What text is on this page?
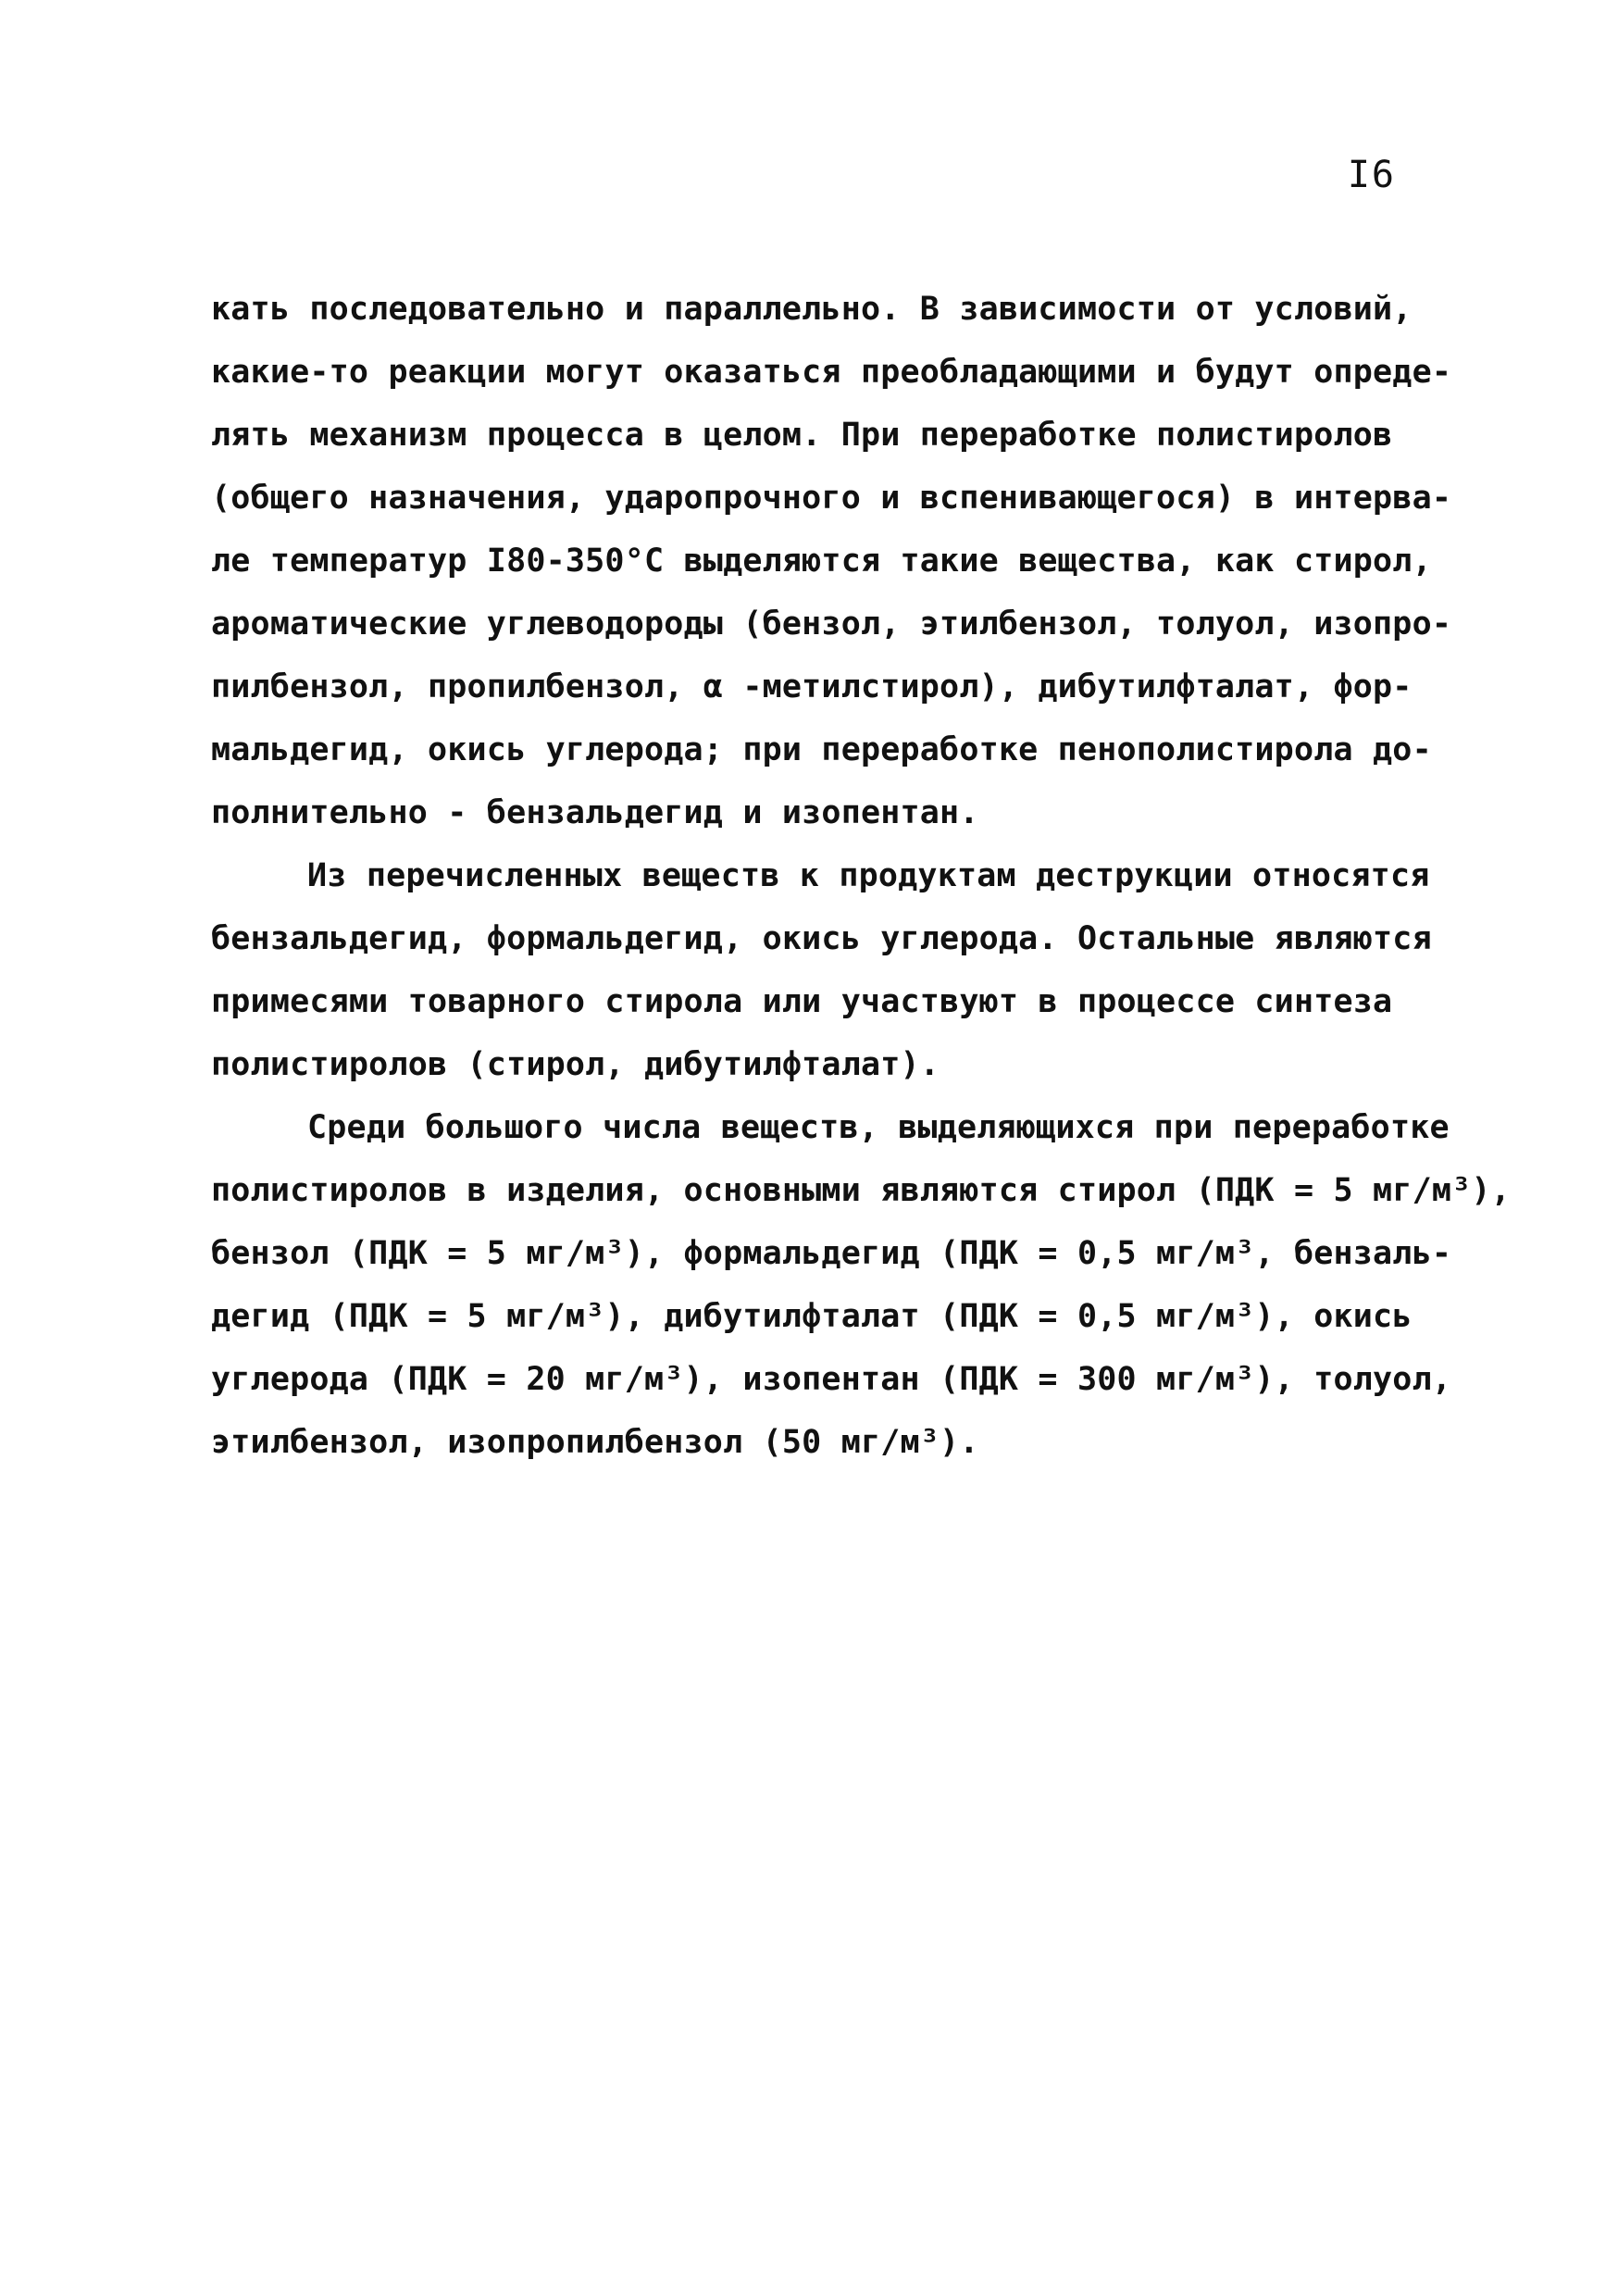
I6
кать последовательно и параллельно. В зависимости от условий,
какие-то реакции могут оказаться преобладающими и будут опреде-
лять механизм процесса в целом. При переработке полистиролов
(общего назначения, ударопрочного и вспенивающегося) в интерва-
ле температур I80-350°С выделяются такие вещества, как стирол,
ароматические углеводороды (бензол, этилбензол, толуол, изопро-
пилбензол, пропилбензол, α -метилстирол), дибутилфталат, фор-
мальдегид, окись углерода; при переработке пенополистирола до-
полнительно - бензальдегид и изопентан.
Из перечисленных веществ к продуктам деструкции относятся
бензальдегид, формальдегид, окись углерода. Остальные являются
примесями товарного стирола или участвуют в процессе синтеза
полистиролов (стирол, дибутилфталат).
Среди большого числа веществ, выделяющихся при переработке
полистиролов в изделия, основными являются стирол (ПДК = 5 мг/м³),
бензол (ПДК = 5 мг/м³), формальдегид (ПДК = 0,5 мг/м³, бензаль-
дегид (ПДК = 5 мг/м³), дибутилфталат (ПДК = 0,5 мг/м³), окись
углерода (ПДК = 20 мг/м³), изопентан (ПДК = 300 мг/м³), толуол,
этилбензол, изопропилбензол (50 мг/м³).
